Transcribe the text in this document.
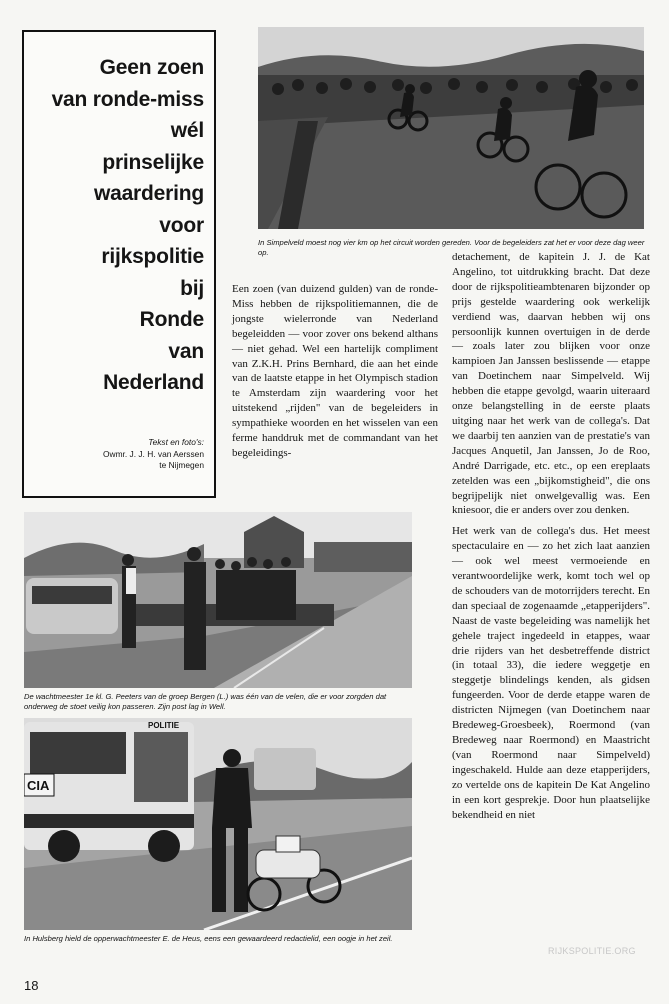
Geen zoen
van ronde-miss
wél
prinselijke
waardering
voor
rijkspolitie
bij
Ronde
van
Nederland
Tekst en foto's:
Owmr. J. J. H. van Aerssen
te Nijmegen
In Simpelveld moest nog vier km op het circuit worden gereden. Voor de begeleiders zat het er voor deze dag weer op.
De wachtmeester 1e kl. G. Peeters van de groep Bergen (L.) was één van de velen, die er voor zorgden dat onderweg de stoet veilig kon passeren. Zijn post lag in Well.
CIA
POLITIE
In Hulsberg hield de opperwachtmeester E. de Heus, eens een gewaardeerd redactielid, een oogje in het zeil.

Een zoen (van duizend gulden) van de ronde-Miss hebben de rijkspolitiemannen, die de jongste wielerronde van Nederland begeleidden — voor zover ons bekend althans — niet gehad. Wel een hartelijk compliment van Z.K.H. Prins Bernhard, die aan het einde van de laatste etappe in het Olympisch stadion te Amsterdam zijn waardering voor het uitstekend „rijden" van de begeleiders in sympathieke woorden en het wisselen van een ferme handdruk met de commandant van het begeleidings-

detachement, de kapitein J. J. de Kat Angelino, tot uitdrukking bracht. Dat deze door de rijkspolitieambtenaren bijzonder op prijs gestelde waardering ook werkelijk verdiend was, daarvan hebben wij ons persoonlijk kunnen overtuigen in de derde — zoals later zou blijken voor onze kampioen Jan Janssen beslissende — etappe van Doetinchem naar Simpelveld. Wij hebben die etappe gevolgd, waarin uiteraard onze belangstelling in de eerste plaats uitging naar het werk van de collega's. Dat we daarbij ten aanzien van de prestatie's van Jacques Anquetil, Jan Janssen, Jo de Roo, André Darrigade, etc. etc., op een ereplaats zetelden was een „bijkomstigheid", die ons begrijpelijk niet onwelgevallig was. Een kniesoor, die er anders over zou denken.

Het werk van de collega's dus. Het meest spectaculaire en — zo het zich laat aanzien — ook wel meest vermoeiende en verantwoordelijke werk, komt toch wel op de schouders van de motorrijders terecht. En dan speciaal de zogenaamde „etapperijders". Naast de vaste begeleiding was namelijk het gehele traject ingedeeld in etappes, waar drie rijders van het desbetreffende district (in totaal 33), die iedere weggetje en steggetje blindelings kenden, als gidsen fungeerden. Voor de derde etappe waren de districten Nijmegen (van Doetinchem naar Bredeweg-Groesbeek), Roermond (van Bredeweg naar Roermond) en Maastricht (van Roermond naar Simpelveld) ingeschakeld. Hulde aan deze etapperijders, zo vertelde ons de kapitein De Kat Angelino in een kort gesprekje. Door hun plaatselijke bekendheid en niet

18
RIJKSPOLITIE.ORG
